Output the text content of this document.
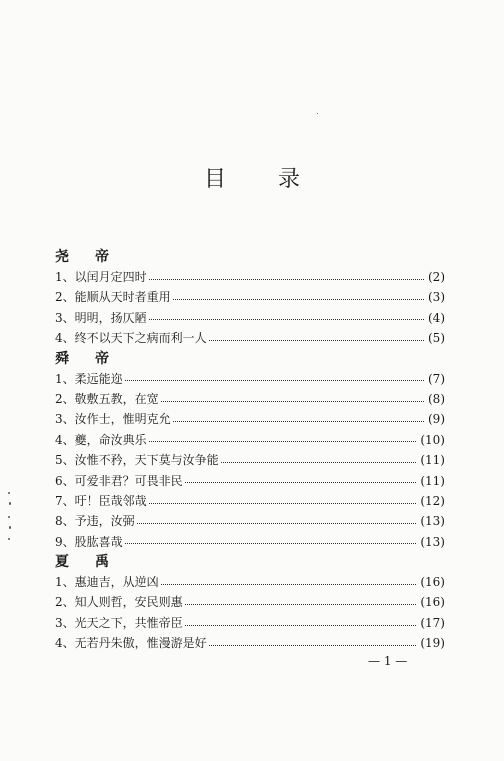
目 录
尧 帝
1、 以闰月定四时	(2)
2、 能顺从天时者重用	(3)
3、 明明，扬仄陋	(4)
4、 终不以天下之病而利一人	(5)
舜 帝
1、 柔远能迩	(7)
2、 敬敷五教，在宽	(8)
3、 汝作士，惟明克允	(9)
4、 夔，命汝典乐	(10)
5、 汝惟不矜，天下莫与汝争能	(11)
6、 可爱非君？可畏非民	(11)
7、 吁！臣哉邻哉	(12)
8、 予违，汝弼	(13)
9、 股肱喜哉	(13)
夏 禹
1、 惠迪吉，从逆凶	(16)
2、 知人则哲，安民则惠	(16)
3、 光天之下，共惟帝臣	(17)
4、 无若丹朱傲，惟漫游是好	(19)
— 1 —
